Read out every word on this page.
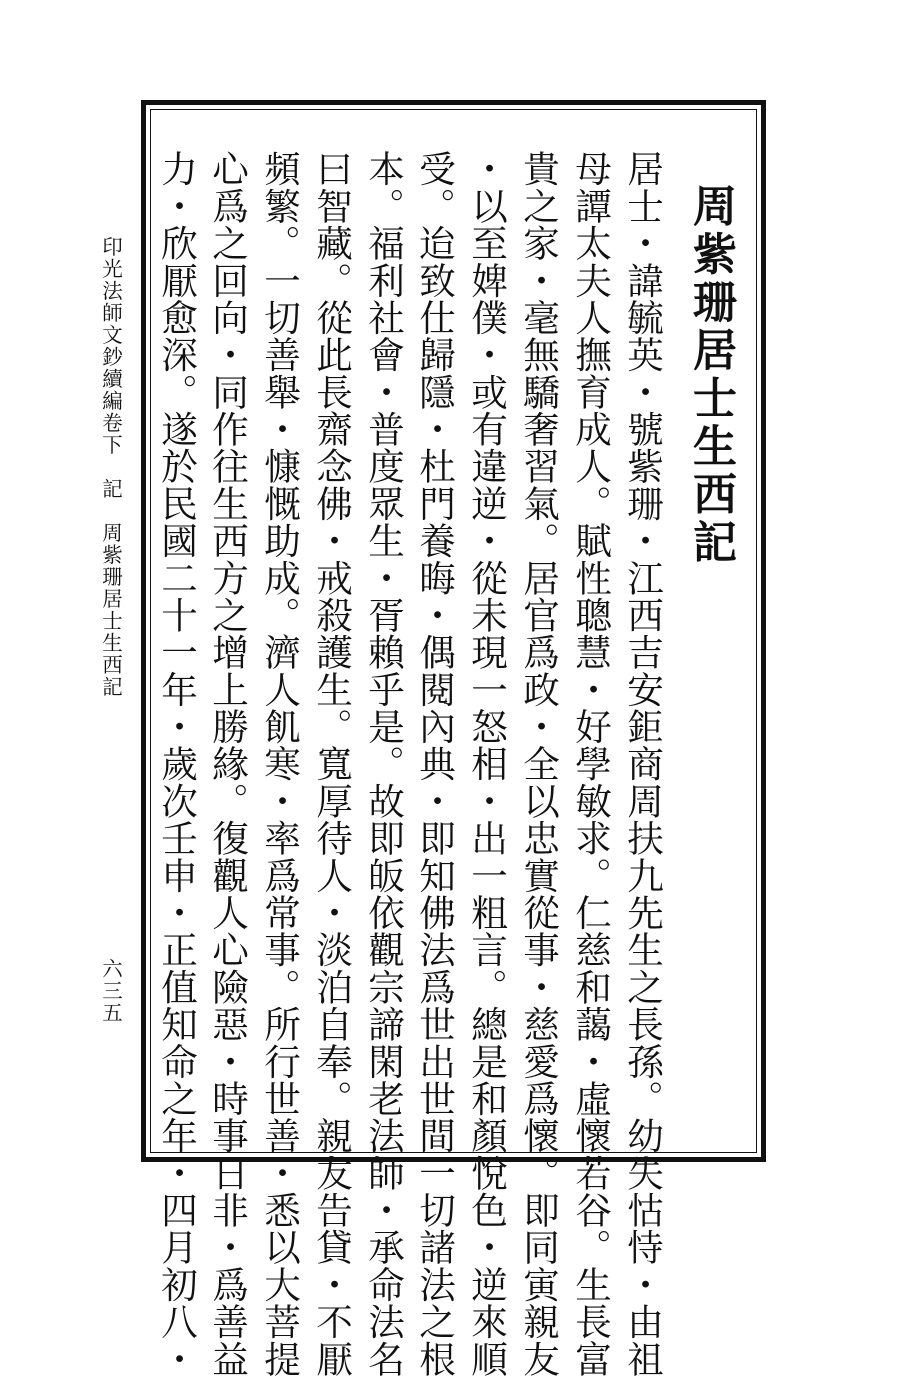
周紫珊居士生西記
居士・諱毓英・號紫珊・江西吉安鉅商周扶九先生之長孫。幼失怙恃・由祖
母譚太夫人撫育成人。賦性聰慧・好學敏求。仁慈和藹・虛懷若谷。生長富
貴之家・毫無驕奢習氣。居官爲政・全以忠實從事・慈愛爲懷。即同寅親友
・以至婢僕・或有違逆・從未現一怒相・出一粗言。總是和顏悅色・逆來順
受。迨致仕歸隱・杜門養晦・偶閱內典・即知佛法爲世出世間一切諸法之根
本。福利社會・普度眾生・胥賴乎是。故即皈依觀宗諦閑老法師・承命法名
曰智藏。從此長齋念佛・戒殺護生。寬厚待人・淡泊自奉。親友告貸・不厭
頻繁。一切善舉・慷慨助成。濟人飢寒・率爲常事。所行世善・悉以大菩提
心爲之回向・同作往生西方之增上勝緣。復觀人心險惡・時事日非・爲善益
力・欣厭愈深。遂於民國二十一年・歲次壬申・正值知命之年・四月初八・
印光法師文鈔續編卷下　記　周紫珊居士生西記
六三五
